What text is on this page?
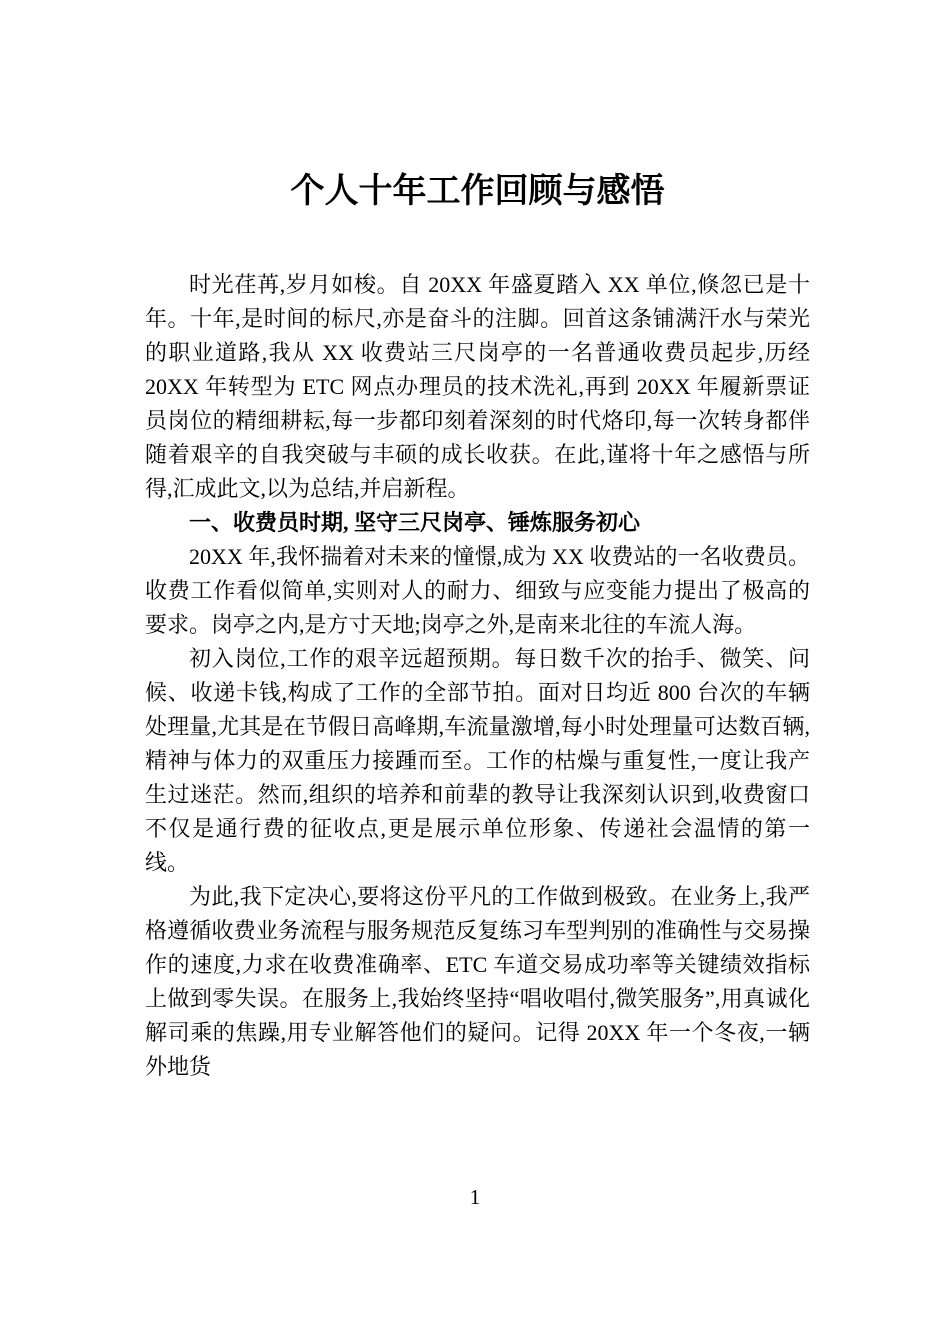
个人十年工作回顾与感悟

时光荏苒,岁月如梭。自 20XX 年盛夏踏入 XX 单位,倏忽已是十年。十年,是时间的标尺,亦是奋斗的注脚。回首这条铺满汗水与荣光的职业道路,我从 XX 收费站三尺岗亭的一名普通收费员起步,历经 20XX 年转型为 ETC 网点办理员的技术洗礼,再到 20XX 年履新票证员岗位的精细耕耘,每一步都印刻着深刻的时代烙印,每一次转身都伴随着艰辛的自我突破与丰硕的成长收获。在此,谨将十年之感悟与所得,汇成此文,以为总结,并启新程。

一、收费员时期, 坚守三尺岗亭、锤炼服务初心

20XX 年,我怀揣着对未来的憧憬,成为 XX 收费站的一名收费员。收费工作看似简单,实则对人的耐力、细致与应变能力提出了极高的要求。岗亭之内,是方寸天地;岗亭之外,是南来北往的车流人海。

初入岗位,工作的艰辛远超预期。每日数千次的抬手、微笑、问候、收递卡钱,构成了工作的全部节拍。面对日均近 800 台次的车辆处理量,尤其是在节假日高峰期,车流量激增,每小时处理量可达数百辆,精神与体力的双重压力接踵而至。工作的枯燥与重复性,一度让我产生过迷茫。然而,组织的培养和前辈的教导让我深刻认识到,收费窗口不仅是通行费的征收点,更是展示单位形象、传递社会温情的第一线。

为此,我下定决心,要将这份平凡的工作做到极致。在业务上,我严格遵循收费业务流程与服务规范反复练习车型判别的准确性与交易操作的速度,力求在收费准确率、ETC 车道交易成功率等关键绩效指标上做到零失误。在服务上,我始终坚持“唱收唱付,微笑服务”,用真诚化解司乘的焦躁,用专业解答他们的疑问。记得 20XX 年一个冬夜,一辆外地货

1
